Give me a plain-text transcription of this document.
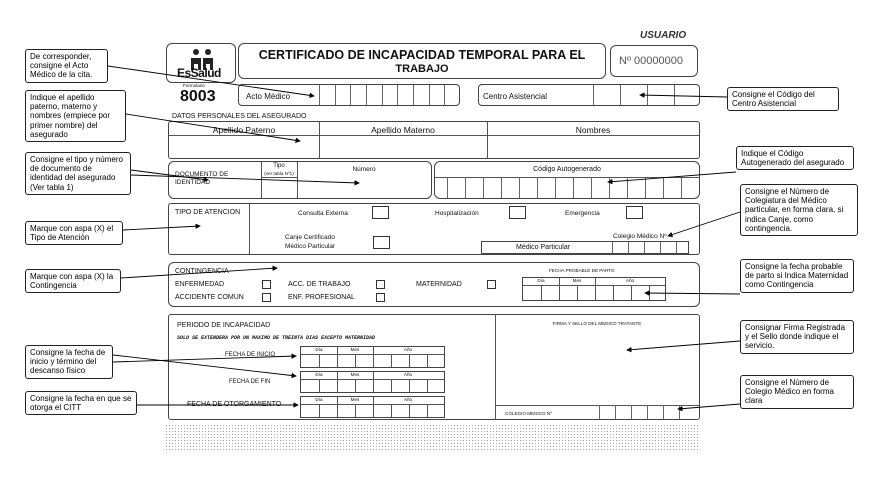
USUARIO
EsSalud
Formulario
8003
CERTIFICADO DE INCAPACIDAD TEMPORAL PARA EL
TRABAJO
Nº 00000000
Acto Médico	Centro Asistencial
DATOS PERSONALES DEL ASEGURADO
Apellido Paterno	Apellido Materno	Nombres
DOCUMENTO DE IDENTIDAD
Tipo
(ver tabla Nº1)
Número	Código Autogenerado
TIPO DE ATENCION	Consulta Externa	Hospitalización	Emergencia
Canje Certificado
Médico Particular
Colegio Médico Nº
Médico Particular
CONTINGENCIA
ENFERMEDAD	ACC. DE TRABAJO	MATERNIDAD
ACCIDENTE COMUN	ENF. PROFESIONAL
FECHA PROBABLE DE PARTO
Día	Mes	Año
PERIODO DE INCAPACIDAD
SOLO SE EXTENDERA POR UN MAXIMO DE TREINTA DIAS EXCEPTO MATERNIDAD
FECHA DE INICIO
FECHA DE FIN
FECHA DE OTORGAMIENTO
Día	Mes	Año
Día	Mes	Año
Día	Mes	Año
FIRMA Y SELLO DEL MEDICO TRATANTE
COLEGIO MEDICO Nº
De corresponder, consigne el Acto Médico de la cita.
Indique el apellido paterno, materno y nombres (empiece por primer nombre) del asegurado
Consigne el tipo y número de documento de identidad del asegurado (Ver tabla 1)
Marque con aspa (X) el Tipo de Atención
Marque con aspa (X) la Contingencia
Consigne la fecha de inicio y término del descanso físico
Consigne la fecha en que se otorga el CITT
Consigne el Código del Centro Asistencial
Indique el Código Autogenerado del asegurado
Consigne el Número de Colegiatura del Médico particular, en forma clara, si indica Canje, como contingencia.
Consigne la fecha probable de parto si Indica Maternidad como Contingencia
Consignar Firma Registrada y el Sello donde indique el servicio.
Consigne el Número de Colegio Médico en forma clara
